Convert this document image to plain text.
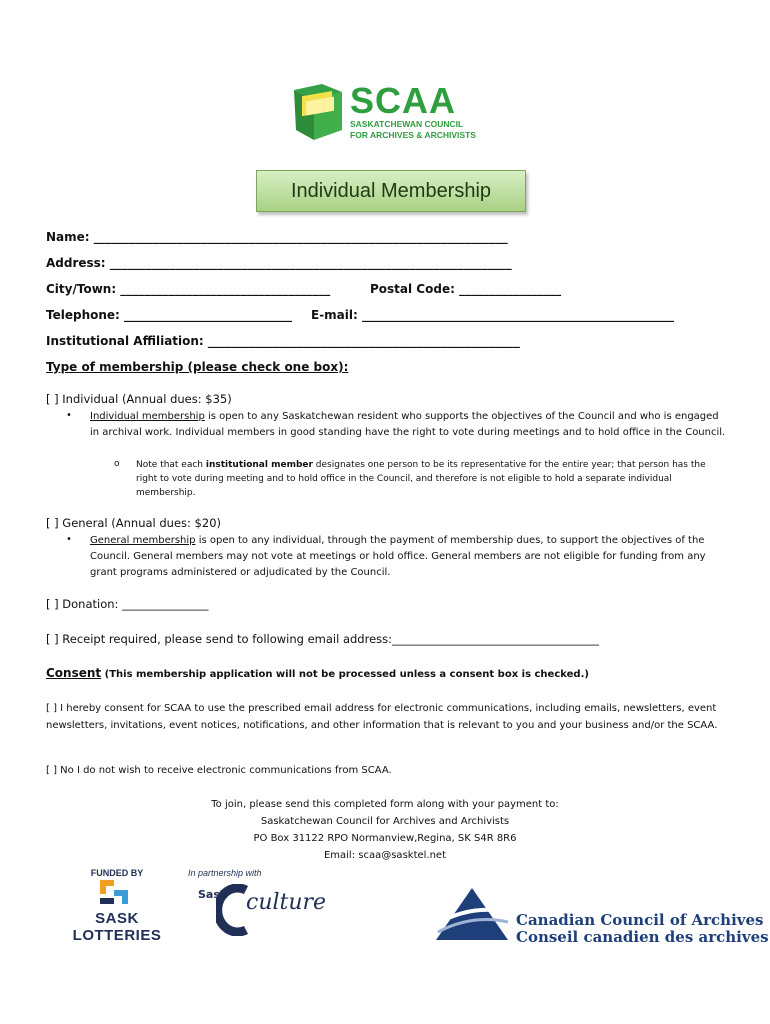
SCAA
SASKATCHEWAN COUNCIL
FOR ARCHIVES & ARCHIVISTS
Individual Membership
Name: _____________________________________________________________________
Address: ___________________________________________________________________
City/Town: ___________________________________	Postal Code: _________________
Telephone: ____________________________ E-mail: ____________________________________________________
Institutional Affiliation: ____________________________________________________
Type of membership (please check one box):
[ ] Individual (Annual dues: $35)
• Individual membership is open to any Saskatchewan resident who supports the objectives of the Council and who is engaged in archival work. Individual members in good standing have the right to vote during meetings and to hold office in the Council.
o Note that each institutional member designates one person to be its representative for the entire year; that person has the right to vote during meeting and to hold office in the Council, and therefore is not eligible to hold a separate individual membership.
[ ] General (Annual dues: $20)
• General membership is open to any individual, through the payment of membership dues, to support the objectives of the Council. General members may not vote at meetings or hold office. General members are not eligible for funding from any grant programs administered or adjudicated by the Council.
[ ] Donation: _______________
[ ] Receipt required, please send to following email address:____________________________________
Consent (This membership application will not be processed unless a consent box is checked.)
[ ] I hereby consent for SCAA to use the prescribed email address for electronic communications, including emails, newsletters, event newsletters, invitations, event notices, notifications, and other information that is relevant to you and your business and/or the SCAA.
[ ] No I do not wish to receive electronic communications from SCAA.
To join, please send this completed form along with your payment to:
Saskatchewan Council for Archives and Archivists
PO Box 31122 RPO Normanview,Regina, SK S4R 8R6
Email: scaa@sasktel.net
FUNDED BY
SASK LOTTERIES
In partnership with
Sask culture
Canadian Council of Archives
Conseil canadien des archives
